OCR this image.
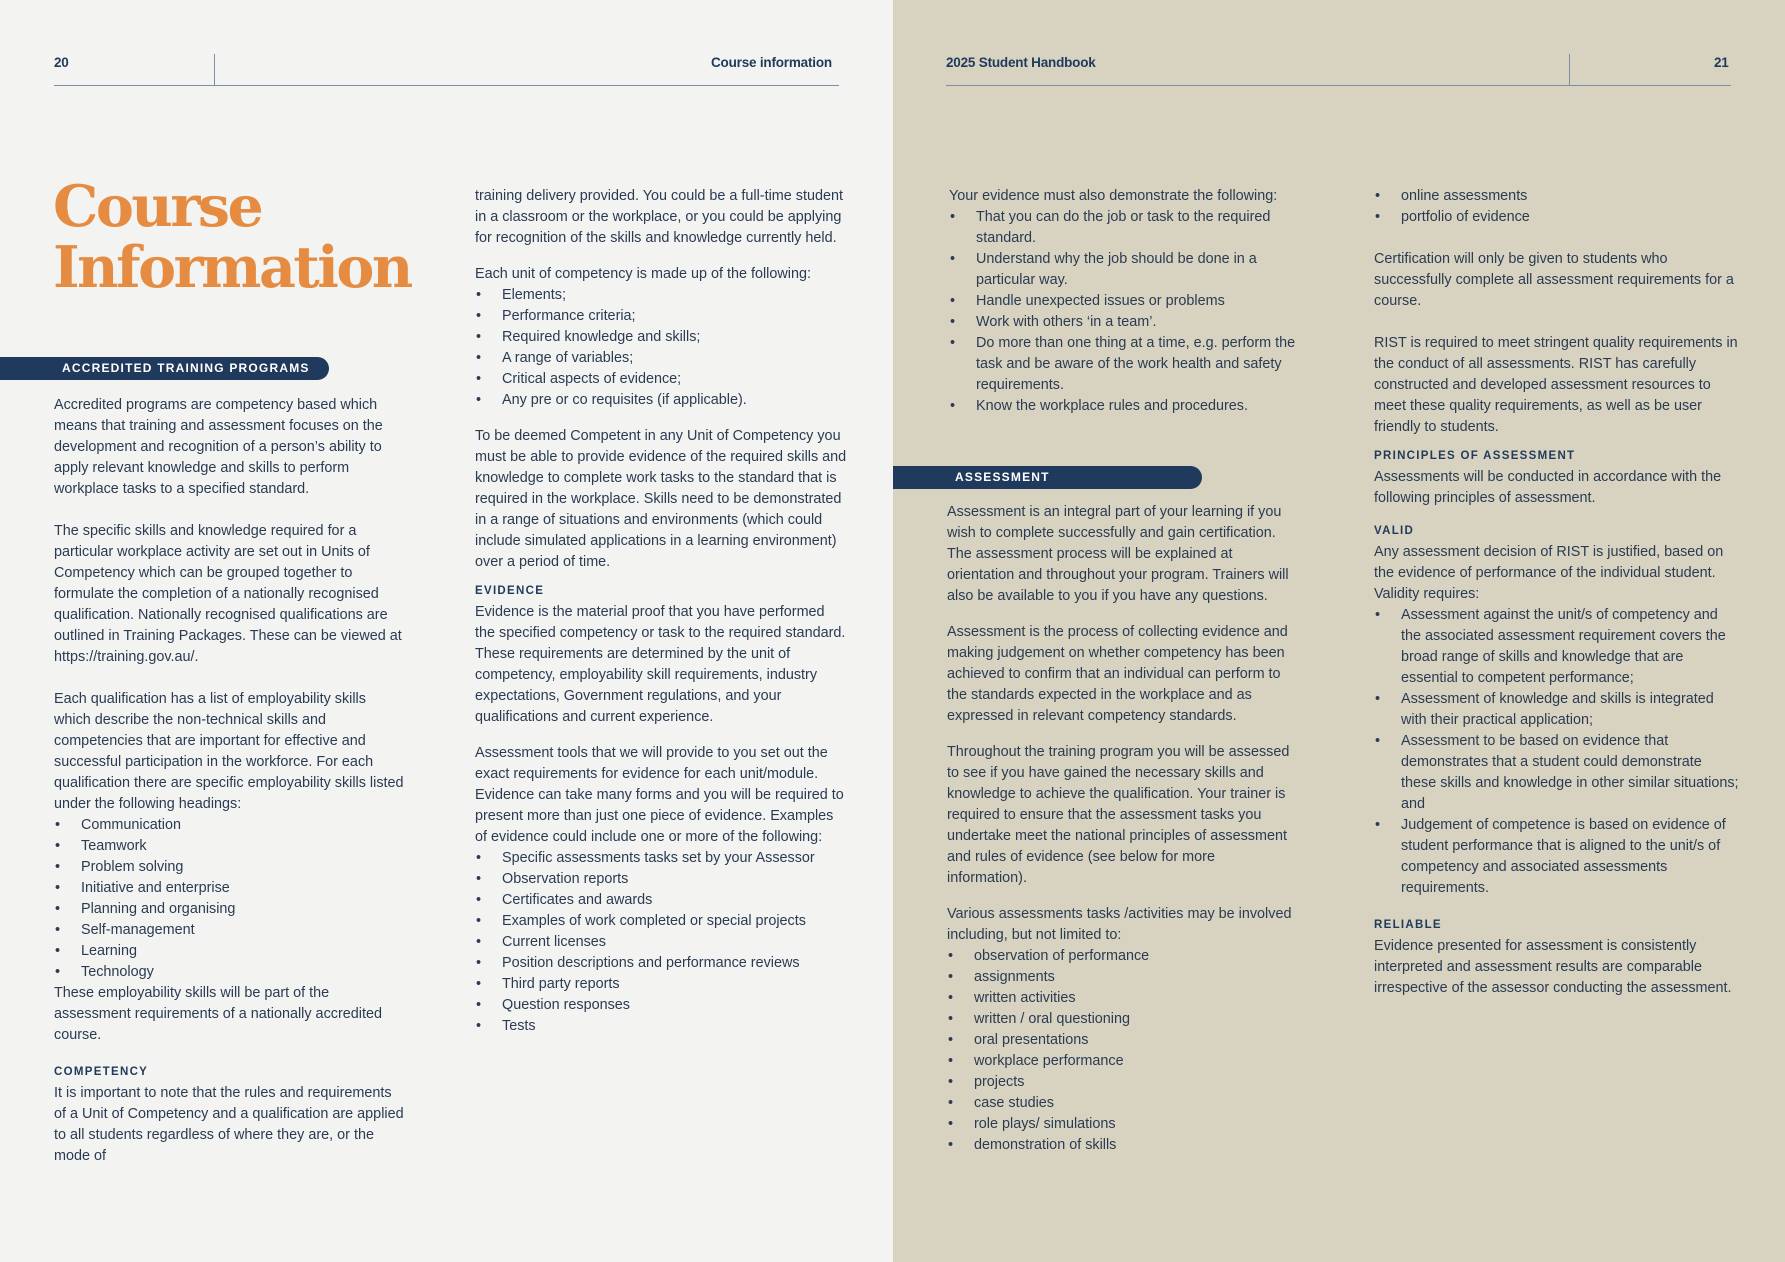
20	Course information
Course
Information
ACCREDITED TRAINING PROGRAMS

Accredited programs are competency based which means that training and assessment focuses on the development and recognition of a person’s ability to apply relevant knowledge and skills to perform workplace tasks to a specified standard.

The specific skills and knowledge required for a particular workplace activity are set out in Units of Competency which can be grouped together to formulate the completion of a nationally recognised qualification. Nationally recognised qualifications are outlined in Training Packages. These can be viewed at https://training.gov.au/.

Each qualification has a list of employability skills which describe the non-technical skills and competencies that are important for effective and successful participation in the workforce. For each qualification there are specific employability skills listed under the following headings:

• Communication
• Teamwork
• Problem solving
• Initiative and enterprise
• Planning and organising
• Self-management
• Learning
• Technology

These employability skills will be part of the assessment requirements of a nationally accredited course.

COMPETENCY

It is important to note that the rules and requirements of a Unit of Competency and a qualification are applied to all students regardless of where they are, or the mode of

training delivery provided. You could be a full-time student in a classroom or the workplace, or you could be applying for recognition of the skills and knowledge currently held.

Each unit of competency is made up of the following:

• Elements;
• Performance criteria;
• Required knowledge and skills;
• A range of variables;
• Critical aspects of evidence;
• Any pre or co requisites (if applicable).

To be deemed Competent in any Unit of Competency you must be able to provide evidence of the required skills and knowledge to complete work tasks to the standard that is required in the workplace. Skills need to be demonstrated in a range of situations and environments (which could include simulated applications in a learning environment) over a period of time.

EVIDENCE

Evidence is the material proof that you have performed the specified competency or task to the required standard. These requirements are determined by the unit of competency, employability skill requirements, industry expectations, Government regulations, and your qualifications and current experience.

Assessment tools that we will provide to you set out the exact requirements for evidence for each unit/module. Evidence can take many forms and you will be required to present more than just one piece of evidence. Examples of evidence could include one or more of the following:

• Specific assessments tasks set by your Assessor
• Observation reports
• Certificates and awards
• Examples of work completed or special projects
• Current licenses
• Position descriptions and performance reviews
• Third party reports
• Question responses
• Tests
2025 Student Handbook	21

Your evidence must also demonstrate the following:

• That you can do the job or task to the required standard.
• Understand why the job should be done in a particular way.
• Handle unexpected issues or problems
• Work with others ‘in a team’.
• Do more than one thing at a time, e.g. perform the task and be aware of the work health and safety requirements.
• Know the workplace rules and procedures.
ASSESSMENT

Assessment is an integral part of your learning if you wish to complete successfully and gain certification. The assessment process will be explained at orientation and throughout your program. Trainers will also be available to you if you have any questions.

Assessment is the process of collecting evidence and making judgement on whether competency has been achieved to confirm that an individual can perform to the standards expected in the workplace and as expressed in relevant competency standards.

Throughout the training program you will be assessed to see if you have gained the necessary skills and knowledge to achieve the qualification. Your trainer is required to ensure that the assessment tasks you undertake meet the national principles of assessment and rules of evidence (see below for more information).

Various assessments tasks /activities may be involved including, but not limited to:

• observation of performance
• assignments
• written activities
• written / oral questioning
• oral presentations
• workplace performance
• projects
• case studies
• role plays/ simulations
• demonstration of skills
• online assessments
• portfolio of evidence

Certification will only be given to students who successfully complete all assessment requirements for a course.

RIST is required to meet stringent quality requirements in the conduct of all assessments. RIST has carefully constructed and developed assessment resources to meet these quality requirements, as well as be user friendly to students.

PRINCIPLES OF ASSESSMENT

Assessments will be conducted in accordance with the following principles of assessment.

VALID

Any assessment decision of RIST is justified, based on the evidence of performance of the individual student. Validity requires:

• Assessment against the unit/s of competency and the associated assessment requirement covers the broad range of skills and knowledge that are essential to competent performance;
• Assessment of knowledge and skills is integrated with their practical application;
• Assessment to be based on evidence that demonstrates that a student could demonstrate these skills and knowledge in other similar situations; and
• Judgement of competence is based on evidence of student performance that is aligned to the unit/s of competency and associated assessments requirements.
RELIABLE

Evidence presented for assessment is consistently interpreted and assessment results are comparable irrespective of the assessor conducting the assessment.
